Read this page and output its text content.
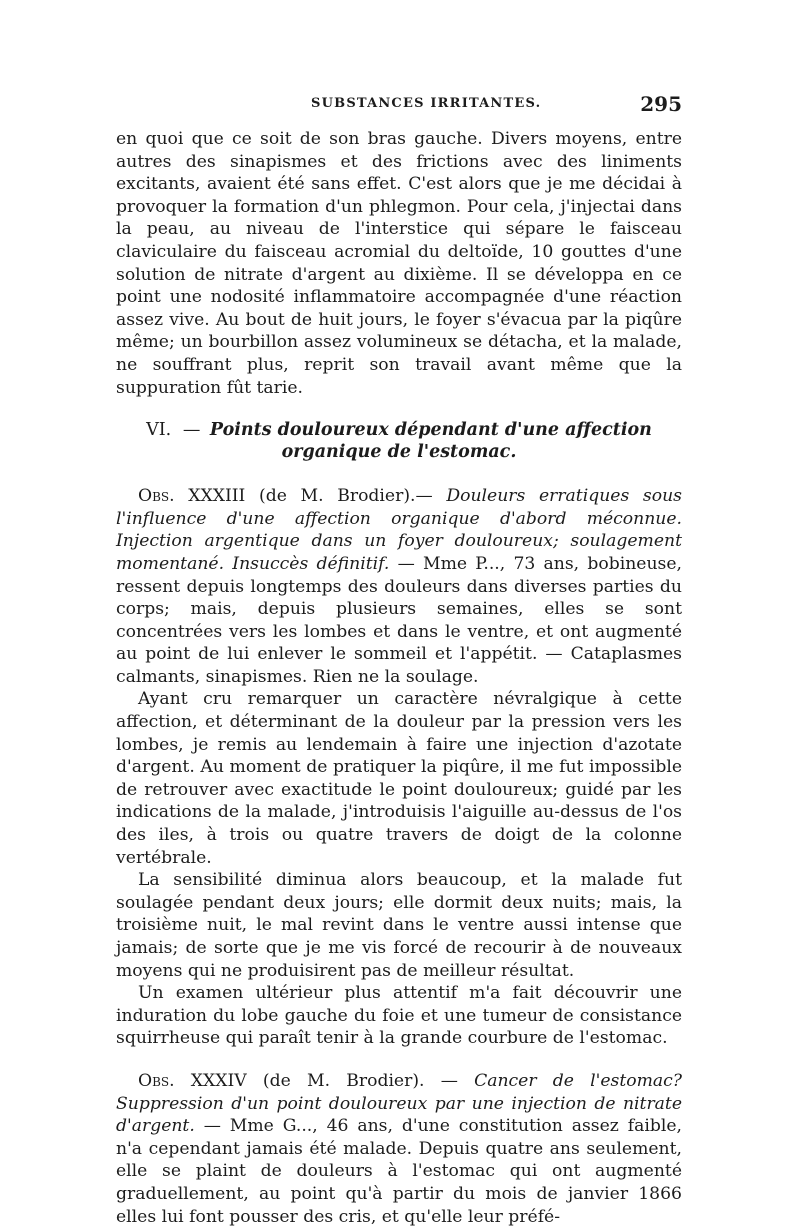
SUBSTANCES IRRITANTES.	295

en quoi que ce soit de son bras gauche. Divers moyens, entre autres des sinapismes et des frictions avec des liniments excitants, avaient été sans effet. C'est alors que je me décidai à provoquer la formation d'un phlegmon. Pour cela, j'injectai dans la peau, au niveau de l'interstice qui sépare le faisceau claviculaire du faisceau acromial du deltoïde, 10 gouttes d'une solution de nitrate d'argent au dixième. Il se développa en ce point une nodosité inflammatoire accompagnée d'une réaction assez vive. Au bout de huit jours, le foyer s'évacua par la piqûre même; un bourbillon assez volumineux se détacha, et la malade, ne souffrant plus, reprit son travail avant même que la suppuration fût tarie.

VI. — Points douloureux dépendant d'une affection organique de l'estomac.

Obs. XXXIII (de M. Brodier).— Douleurs erratiques sous l'influence d'une affection organique d'abord méconnue. Injection argentique dans un foyer douloureux; soulagement momentané. Insuccès définitif. — Mme P..., 73 ans, bobineuse, ressent depuis longtemps des douleurs dans diverses parties du corps; mais, depuis plusieurs semaines, elles se sont concentrées vers les lombes et dans le ventre, et ont augmenté au point de lui enlever le sommeil et l'appétit. — Cataplasmes calmants, sinapismes. Rien ne la soulage.

Ayant cru remarquer un caractère névralgique à cette affection, et déterminant de la douleur par la pression vers les lombes, je remis au lendemain à faire une injection d'azotate d'argent. Au moment de pratiquer la piqûre, il me fut impossible de retrouver avec exactitude le point douloureux; guidé par les indications de la malade, j'introduisis l'aiguille au-dessus de l'os des iles, à trois ou quatre travers de doigt de la colonne vertébrale.

La sensibilité diminua alors beaucoup, et la malade fut soulagée pendant deux jours; elle dormit deux nuits; mais, la troisième nuit, le mal revint dans le ventre aussi intense que jamais; de sorte que je me vis forcé de recourir à de nouveaux moyens qui ne produisirent pas de meilleur résultat.

Un examen ultérieur plus attentif m'a fait découvrir une induration du lobe gauche du foie et une tumeur de consistance squirrheuse qui paraît tenir à la grande courbure de l'estomac.

Obs. XXXIV (de M. Brodier). — Cancer de l'estomac? Suppression d'un point douloureux par une injection de nitrate d'argent. — Mme G..., 46 ans, d'une constitution assez faible, n'a cependant jamais été malade. Depuis quatre ans seulement, elle se plaint de douleurs à l'estomac qui ont augmenté graduellement, au point qu'à partir du mois de janvier 1866 elles lui font pousser des cris, et qu'elle leur préfé-
